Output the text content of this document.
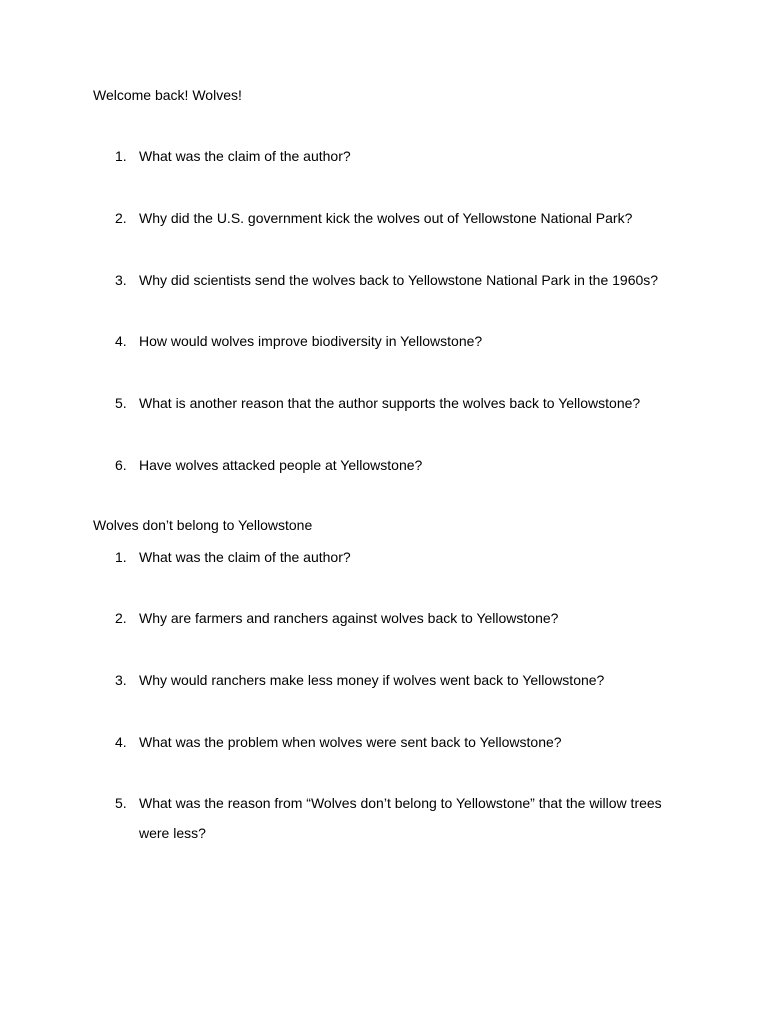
Welcome back! Wolves!
1. What was the claim of the author?
2. Why did the U.S. government kick the wolves out of Yellowstone National Park?
3. Why did scientists send the wolves back to Yellowstone National Park in the 1960s?
4. How would wolves improve biodiversity in Yellowstone?
5. What is another reason that the author supports the wolves back to Yellowstone?
6. Have wolves attacked people at Yellowstone?
Wolves don’t belong to Yellowstone
1. What was the claim of the author?
2. Why are farmers and ranchers against wolves back to Yellowstone?
3. Why would ranchers make less money if wolves went back to Yellowstone?
4. What was the problem when wolves were sent back to Yellowstone?
5. What was the reason from “Wolves don’t belong to Yellowstone” that the willow trees were less?
